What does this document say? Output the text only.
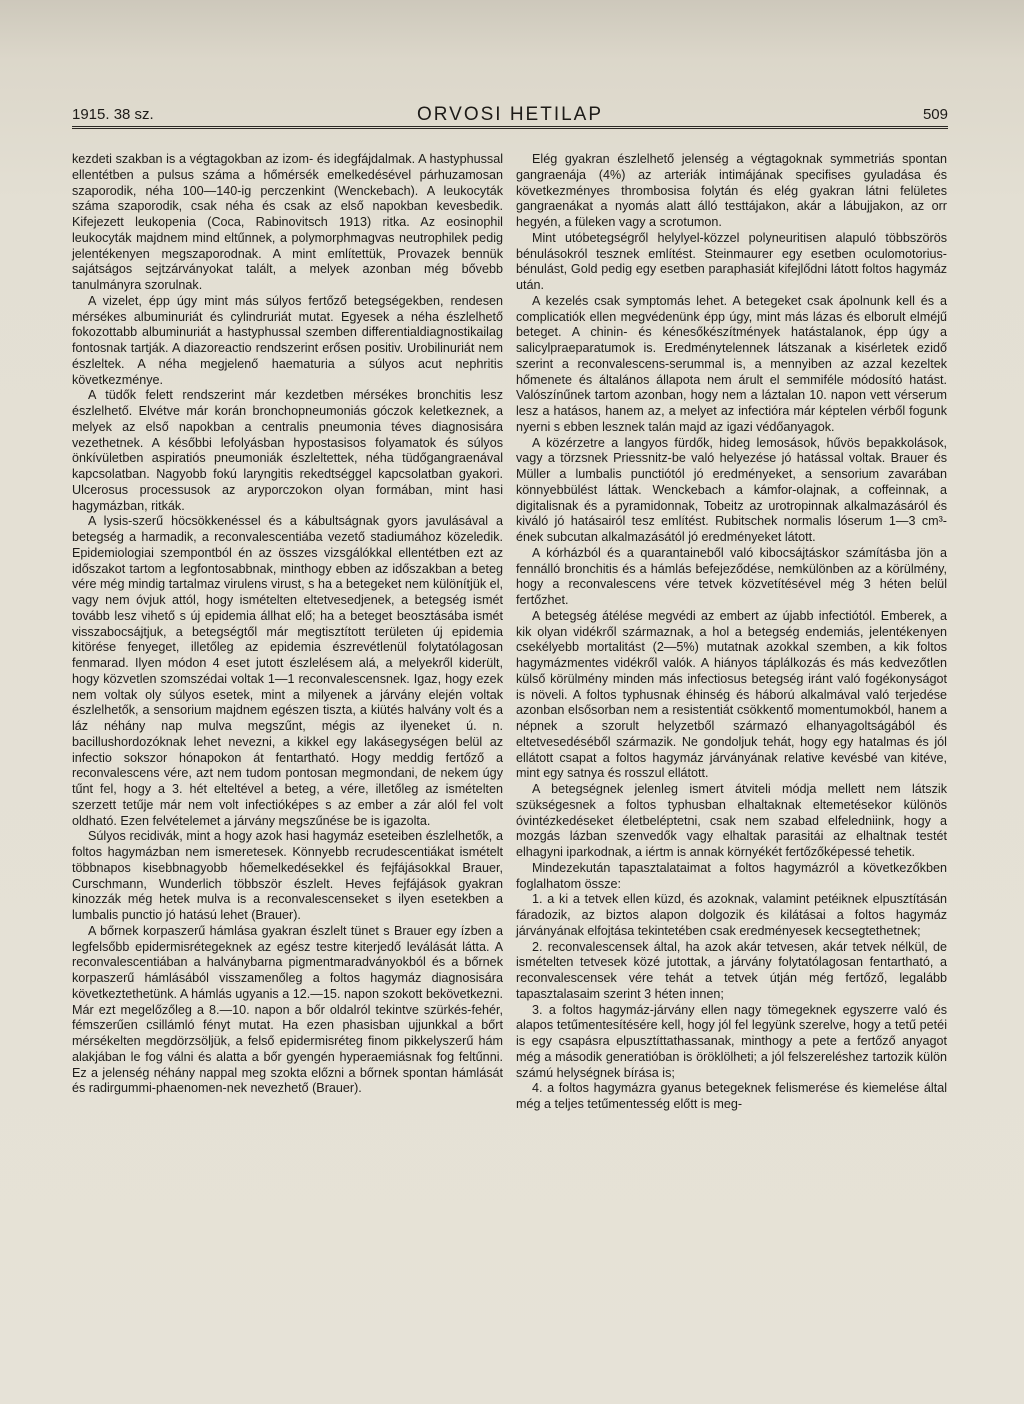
1915. 38 sz.	ORVOSI HETILAP	509

kezdeti szakban is a végtagokban az izom- és idegfájdalmak. A hastyphussal ellentétben a pulsus száma a hőmérsék emelkedésével párhuzamosan szaporodik, néha 100—140-ig perczenkint (Wenckebach). A leukocyták száma szaporodik, csak néha és csak az első napokban kevesbedik. Kifejezett leukopenia (Coca, Rabinovitsch 1913) ritka. Az eosinophil leukocyták majdnem mind eltűnnek, a polymorphmagvas neutrophilek pedig jelentékenyen megszaporodnak. A mint említettük, Provazek bennük sajátságos sejtzárványokat talált, a melyek azonban még bővebb tanulmányra szorulnak.

A vizelet, épp úgy mint más súlyos fertőző betegségekben, rendesen mérsékes albuminuriát és cylindruriát mutat. Egyesek a néha észlelhető fokozottabb albuminuriát a hastyphussal szemben differentialdiagnostikailag fontosnak tartják. A diazoreactio rendszerint erősen positiv. Urobilinuriát nem észleltek. A néha megjelenő haematuria a súlyos acut nephritis következménye.

A tüdők felett rendszerint már kezdetben mérsékes bronchitis lesz észlelhető. Elvétve már korán bronchopneumoniás góczok keletkeznek, a melyek az első napokban a centralis pneumonia téves diagnosisára vezethetnek. A későbbi lefolyásban hypostasisos folyamatok és súlyos önkívületben aspiratiós pneumoniák észleltettek, néha tüdőgangraenával kapcsolatban. Nagyobb fokú laryngitis rekedtséggel kapcsolatban gyakori. Ulcerosus processusok az aryporczokon olyan formában, mint hasi hagymázban, ritkák.

A lysis-szerű höcsökkenéssel és a kábultságnak gyors javulásával a betegség a harmadik, a reconvalescentiába vezető stadiumához közeledik. Epidemiologiai szempontból én az összes vizsgálókkal ellentétben ezt az időszakot tartom a legfontosabbnak, minthogy ebben az időszakban a beteg vére még mindig tartalmaz virulens virust, s ha a betegeket nem különítjük el, vagy nem óvjuk attól, hogy ismételten eltetvesedjenek, a betegség ismét tovább lesz vihető s új epidemia állhat elő; ha a beteget beosztásába ismét visszabocsájtjuk, a betegségtől már megtisztított területen új epidemia kitörése fenyeget, illetőleg az epidemia észrevétlenül folytatólagosan fenmarad. Ilyen módon 4 eset jutott észlelésem alá, a melyekről kiderült, hogy közvetlen szomszédai voltak 1—1 reconvalescensnek. Igaz, hogy ezek nem voltak oly súlyos esetek, mint a milyenek a járvány elején voltak észlelhetők, a sensorium majdnem egészen tiszta, a kiütés halvány volt és a láz néhány nap mulva megszűnt, mégis az ilyeneket ú. n. bacillushordozóknak lehet nevezni, a kikkel egy lakásegységen belül az infectio sokszor hónapokon át fentartható. Hogy meddig fertőző a reconvalescens vére, azt nem tudom pontosan megmondani, de nekem úgy tűnt fel, hogy a 3. hét elteltével a beteg, a vére, illetőleg az ismételten szerzett tetűje már nem volt infectióképes s az ember a zár alól fel volt oldható. Ezen felvételemet a járvány megszűnése be is igazolta.

Súlyos recidivák, mint a hogy azok hasi hagymáz eseteiben észlelhetők, a foltos hagymázban nem ismeretesek. Könnyebb recrudescentiákat ismételt többnapos kisebbnagyobb hőemelkedésekkel és fejfájásokkal Brauer, Curschmann, Wunderlich többször észlelt. Heves fejfájások gyakran kinozzák még hetek mulva is a reconvalescenseket s ilyen esetekben a lumbalis punctio jó hatású lehet (Brauer).

A bőrnek korpaszerű hámlása gyakran észlelt tünet s Brauer egy ízben a legfelsőbb epidermisrétegeknek az egész testre kiterjedő leválását látta. A reconvalescentiában a halványbarna pigmentmaradványokból és a bőrnek korpaszerű hámlásából visszamenőleg a foltos hagymáz diagnosisára következtethetünk. A hámlás ugyanis a 12.—15. napon szokott bekövetkezni. Már ezt megelőzőleg a 8.—10. napon a bőr oldalról tekintve szürkés-fehér, fémszerűen csillámló fényt mutat. Ha ezen phasisban ujjunkkal a bőrt mérsékelten megdörzsöljük, a felső epidermisréteg finom pikkelyszerű hám alakjában le fog válni és alatta a bőr gyengén hyperaemiásnak fog feltűnni. Ez a jelenség néhány nappal meg szokta előzni a bőrnek spontan hámlását és radirgummi-phaenomen-nek nevezhető (Brauer).

Elég gyakran észlelhető jelenség a végtagoknak symmetriás spontan gangraenája (4%) az arteriák intimájának specifises gyuladása és következményes thrombosisa folytán és elég gyakran látni felületes gangraenákat a nyomás alatt álló testtájakon, akár a lábujjakon, az orr hegyén, a füleken vagy a scrotumon.

Mint utóbetegségről helylyel-közzel polyneuritisen alapuló többszörös bénulásokról tesznek említést. Steinmaurer egy esetben oculomotorius-bénulást, Gold pedig egy esetben paraphasiát kifejlődni látott foltos hagymáz után.

A kezelés csak symptomás lehet. A betegeket csak ápolnunk kell és a complicatiók ellen megvédenünk épp úgy, mint más lázas és elborult elméjű beteget. A chinin- és kénesőkészítmények hatástalanok, épp úgy a salicylpraeparatumok is. Eredménytelennek látszanak a kisérletek ezidő szerint a reconvalescens-serummal is, a mennyiben az azzal kezeltek hőmenete és általános állapota nem árult el semmiféle módosító hatást. Valószínűnek tartom azonban, hogy nem a láztalan 10. napon vett vérserum lesz a hatásos, hanem az, a melyet az infectióra már képtelen vérből fogunk nyerni s ebben lesznek talán majd az igazi védőanyagok.

A közérzetre a langyos fürdők, hideg lemosások, hűvös bepakkolások, vagy a törzsnek Priessnitz-be való helyezése jó hatással voltak. Brauer és Müller a lumbalis punctiótól jó eredményeket, a sensorium zavarában könnyebbülést láttak. Wenckebach a kámfor-olajnak, a coffeinnak, a digitalisnak és a pyramidonnak, Tobeitz az urotropinnak alkalmazásáról és kiváló jó hatásairól tesz említést. Rubitschek normalis lóserum 1—3 cm³-ének subcutan alkalmazásától jó eredményeket látott.

A kórházból és a quarantaineből való kibocsájtáskor számításba jön a fennálló bronchitis és a hámlás befejeződése, nemkülönben az a körülmény, hogy a reconvalescens vére tetvek közvetítésével még 3 héten belül fertőzhet.

A betegség átélése megvédi az embert az újabb infectiótól. Emberek, a kik olyan vidékről származnak, a hol a betegség endemiás, jelentékenyen csekélyebb mortalitást (2—5%) mutatnak azokkal szemben, a kik foltos hagymázmentes vidékről valók. A hiányos táplálkozás és más kedvezőtlen külső körülmény minden más infectiosus betegség iránt való fogékonyságot is növeli. A foltos typhusnak éhinség és háború alkalmával való terjedése azonban elsősorban nem a resistentiát csökkentő momentumokból, hanem a népnek a szorult helyzetből származó elhanyagoltságából és eltetvesedéséből származik. Ne gondoljuk tehát, hogy egy hatalmas és jól ellátott csapat a foltos hagymáz járványának relative kevésbé van kitéve, mint egy satnya és rosszul ellátott.

A betegségnek jelenleg ismert átviteli módja mellett nem látszik szükségesnek a foltos typhusban elhaltaknak eltemetésekor különös óvintézkedéseket életbeléptetni, csak nem szabad elfeledniink, hogy a mozgás lázban szenvedők vagy elhaltak parasitái az elhaltnak testét elhagyni iparkodnak, a iértm is annak környékét fertőzőképessé tehetik.

Mindezekután tapasztalataimat a foltos hagymázról a következőkben foglalhatom össze:

1. a ki a tetvek ellen küzd, és azoknak, valamint petéiknek elpusztításán fáradozik, az biztos alapon dolgozik és kilátásai a foltos hagymáz járványának elfojtása tekintetében csak eredményesek kecsegtethetnek;

2. reconvalescensek által, ha azok akár tetvesen, akár tetvek nélkül, de ismételten tetvesek közé jutottak, a járvány folytatólagosan fentartható, a reconvalescensek vére tehát a tetvek útján még fertőző, legalább tapasztalasaim szerint 3 héten innen;

3. a foltos hagymáz-járvány ellen nagy tömegeknek egyszerre való és alapos tetűmentesítésére kell, hogy jól fel legyünk szerelve, hogy a tetű petéi is egy csapásra elpusztíttathassanak, minthogy a pete a fertőző anyagot még a második generatióban is öröklölheti; a jól felszereléshez tartozik külön számú helységnek bírása is;

4. a foltos hagymázra gyanus betegeknek felismerése és kiemelése által még a teljes tetűmentesség előtt is meg-
